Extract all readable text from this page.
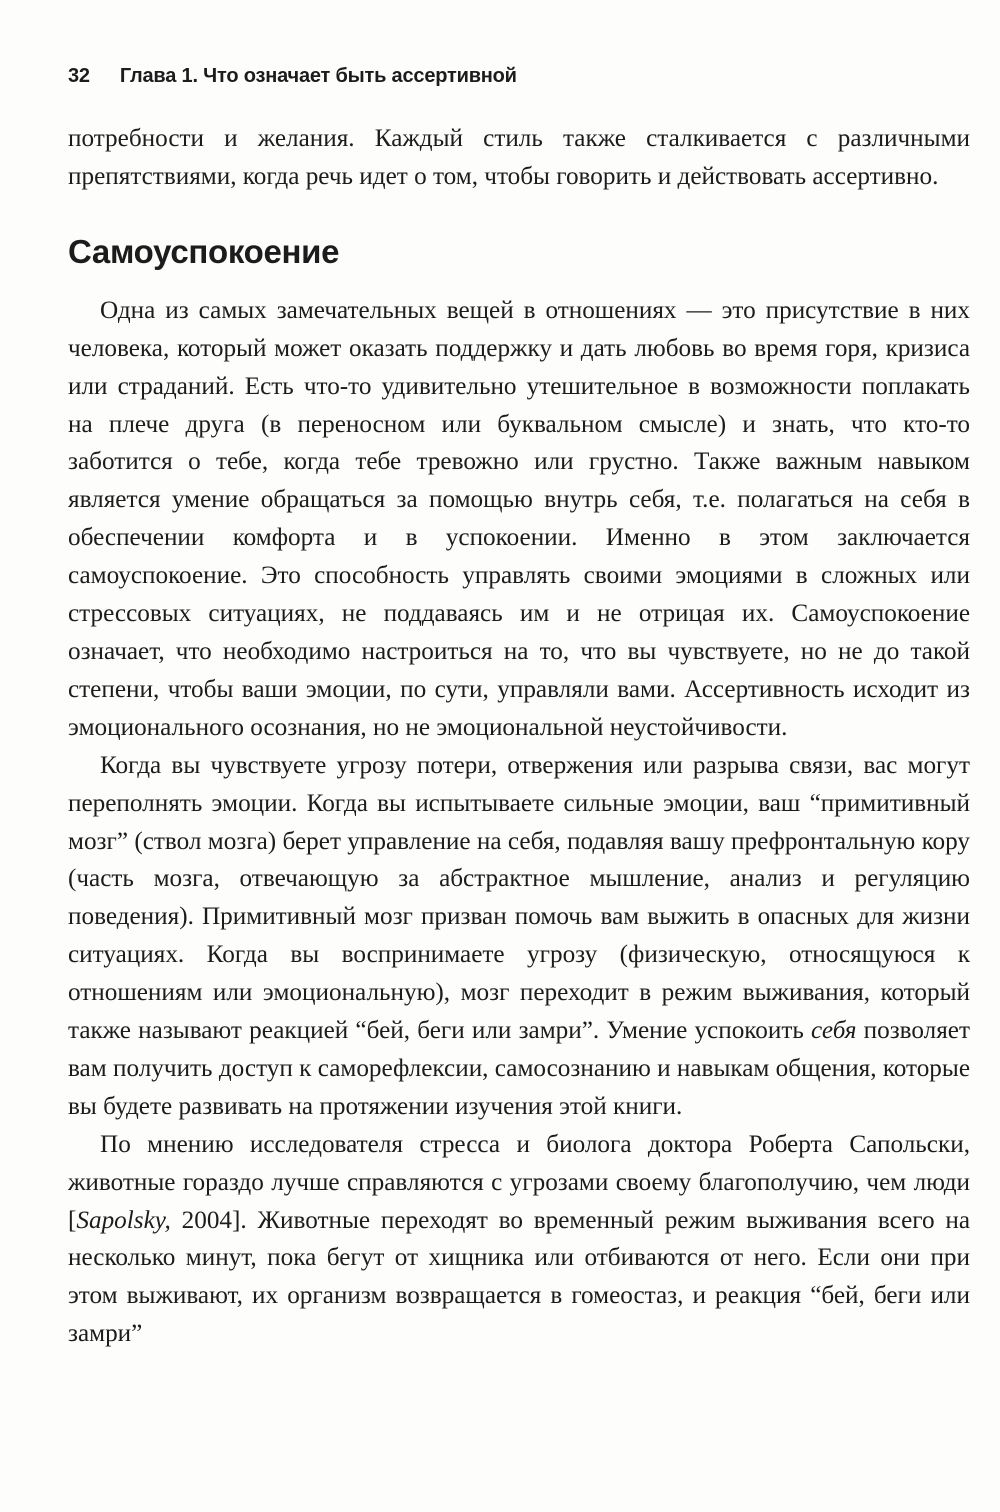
32 Глава 1. Что означает быть ассертивной

потребности и желания. Каждый стиль также сталкивается с различными препятствиями, когда речь идет о том, чтобы говорить и действовать ассертивно.

Самоуспокоение

Одна из самых замечательных вещей в отношениях — это присутствие в них человека, который может оказать поддержку и дать любовь во время горя, кризиса или страданий. Есть что-то удивительно утешительное в возможности поплакать на плече друга (в переносном или буквальном смысле) и знать, что кто-то заботится о тебе, когда тебе тревожно или грустно. Также важным навыком является умение обращаться за помощью внутрь себя, т.е. полагаться на себя в обеспечении комфорта и в успокоении. Именно в этом заключается самоуспокоение. Это способность управлять своими эмоциями в сложных или стрессовых ситуациях, не поддаваясь им и не отрицая их. Самоуспокоение означает, что необходимо настроиться на то, что вы чувствуете, но не до такой степени, чтобы ваши эмоции, по сути, управляли вами. Ассертивность исходит из эмоционального осознания, но не эмоциональной неустойчивости.

Когда вы чувствуете угрозу потери, отвержения или разрыва связи, вас могут переполнять эмоции. Когда вы испытываете сильные эмоции, ваш “примитивный мозг” (ствол мозга) берет управление на себя, подавляя вашу префронтальную кору (часть мозга, отвечающую за абстрактное мышление, анализ и регуляцию поведения). Примитивный мозг призван помочь вам выжить в опасных для жизни ситуациях. Когда вы воспринимаете угрозу (физическую, относящуюся к отношениям или эмоциональную), мозг переходит в режим выживания, который также называют реакцией “бей, беги или замри”. Умение успокоить себя позволяет вам получить доступ к саморефлексии, самосознанию и навыкам общения, которые вы будете развивать на протяжении изучения этой книги.

По мнению исследователя стресса и биолога доктора Роберта Сапольски, животные гораздо лучше справляются с угрозами своему благополучию, чем люди [Sapolsky, 2004]. Животные переходят во временный режим выживания всего на несколько минут, пока бегут от хищника или отбиваются от него. Если они при этом выживают, их организм возвращается в гомеостаз, и реакция “бей, беги или замри”
